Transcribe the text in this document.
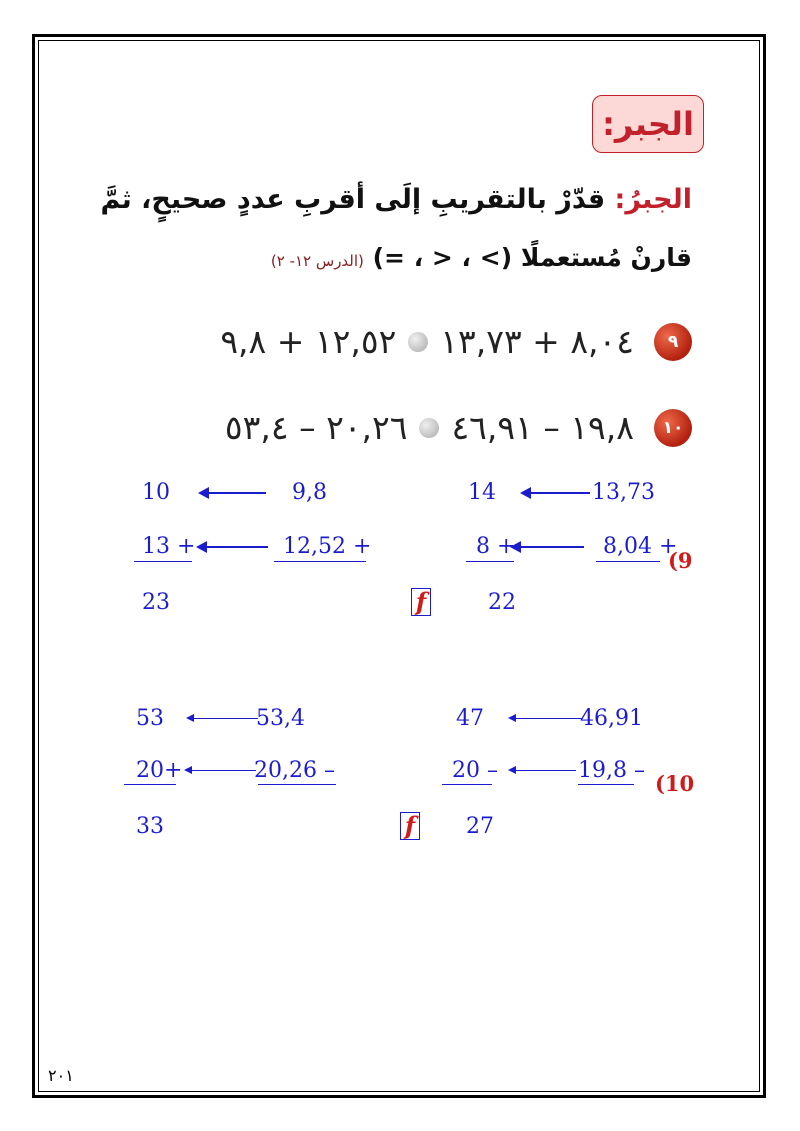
الجبر:
الجبرُ: قدّرْ بالتقريبِ إلَى أقربِ عددٍ صحيحٍ، ثمَّ
قارنْ مُستعملًا (> ، < ، =) (الدرس ١٢- ٢)
٩
٨,٠٤ + ١٣,٧٣
١٢,٥٢ + ٩,٨
١٠
١٩,٨ – ٤٦,٩١
٢٠,٢٦ – ٥٣,٤
10	9,8	14	13,73
13 +	12,52 +	8 +	8,04 +
(9
23	f	22
53	53,4	47	46,91
20+	20,26 –	20 –	19,8 –
(10
33	f 27
٢٠١
